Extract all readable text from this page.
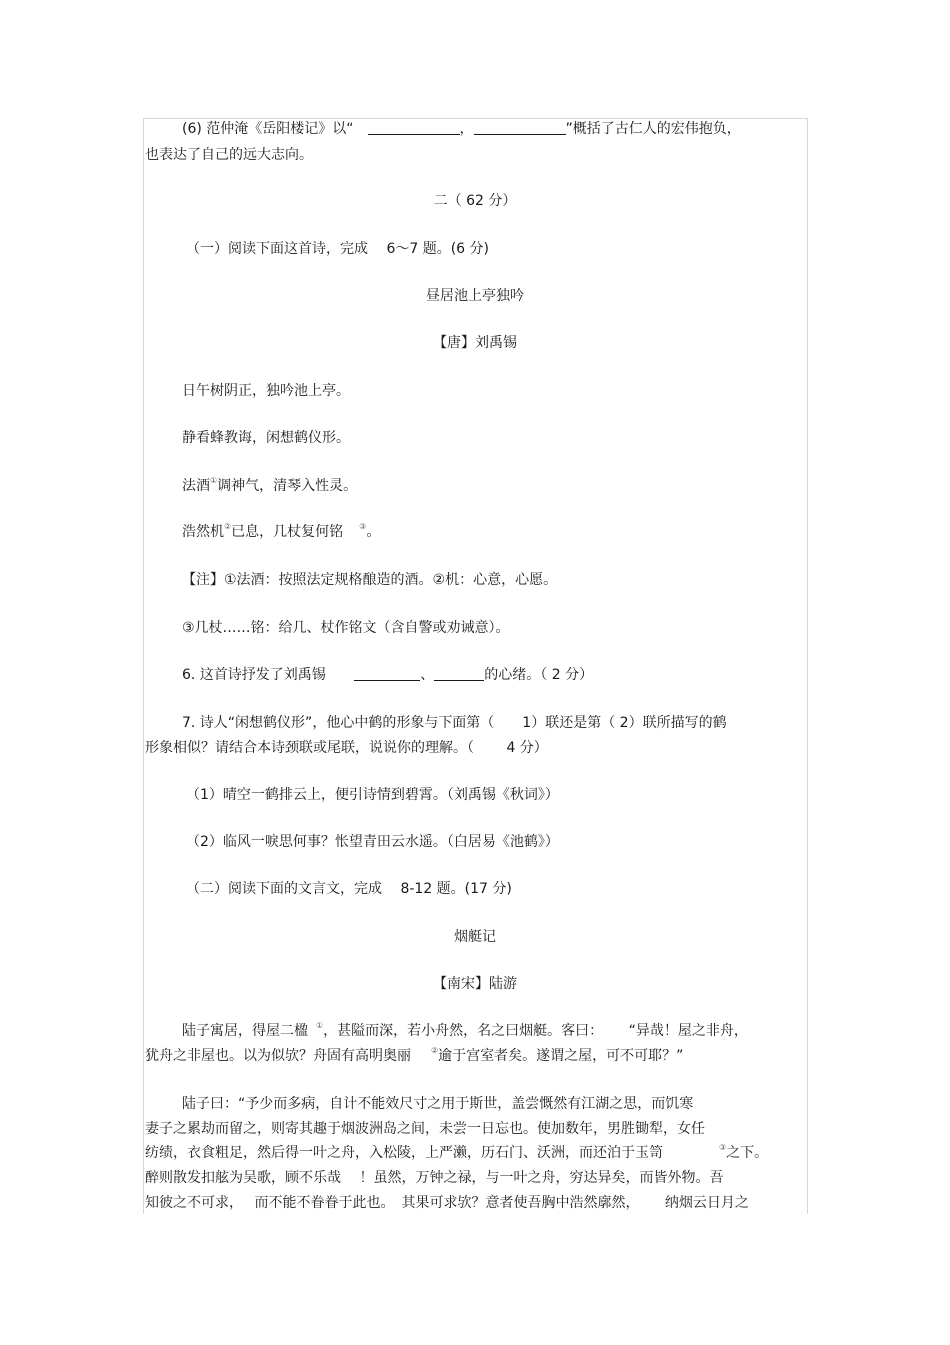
(6) 范仲淹《岳阳楼记》以“	，	”概括了古仁人的宏伟抱负，
也表达了自己的远大志向。
二（ 62 分）
（一）阅读下面这首诗，完成　 6～7 题。(6 分)
昼居池上亭独吟
【唐】刘禹锡
日午树阴正，独吟池上亭。
静看蜂教诲，闲想鹤仪形。
法酒①调神气，清琴入性灵。
浩然机②已息，几杖复何铭 ③。
【注】①法酒：按照法定规格酿造的酒。②机：心意，心愿。
③几杖……铭：给几、杖作铭文（含自警或劝诫意）。
6. 这首诗抒发了刘禹锡　	、	的心绪。（ 2 分）
7. 诗人“闲想鹤仪形”，他心中鹤的形象与下面第（　　1）联还是第（ 2）联所描写的鹤
形象相似？请结合本诗颈联或尾联，说说你的理解。（　　 4 分）
（1）晴空一鹤排云上，便引诗情到碧霄。（刘禹锡《秋词》）
（2）临风一唳思何事？怅望青田云水遥。（白居易《池鹤》）
（二）阅读下面的文言文，完成　 8-12 题。(17 分)
烟艇记
【南宋】陆游
陆子寓居，得屋二楹 ①，甚隘而深，若小舟然，名之曰烟艇。客曰：　　 “异哉！屋之非舟，
犹舟之非屋也。以为似欤？舟固有高明奥丽	②逾于宫室者矣。遂谓之屋，可不可耶？”
陆子曰：“予少而多病，自计不能效尺寸之用于斯世，盖尝慨然有江湖之思，而饥寒
妻子之累劫而留之，则寄其趣于烟波洲岛之间，未尝一日忘也。使加数年，男胜锄犁，女任
纺绩，衣食粗足，然后得一叶之舟，入松陵，上严濑，历石门、沃洲，而还泊于玉笥	③之下。
醉则散发扣舷为吴歌，顾不乐哉　 ！虽然，万钟之禄，与一叶之舟，穷达异矣，而皆外物。吾
知彼之不可求，　 而不能不眷眷于此也。　其果可求欤？意者使吾胸中浩然廓然，　　 纳烟云日月之
